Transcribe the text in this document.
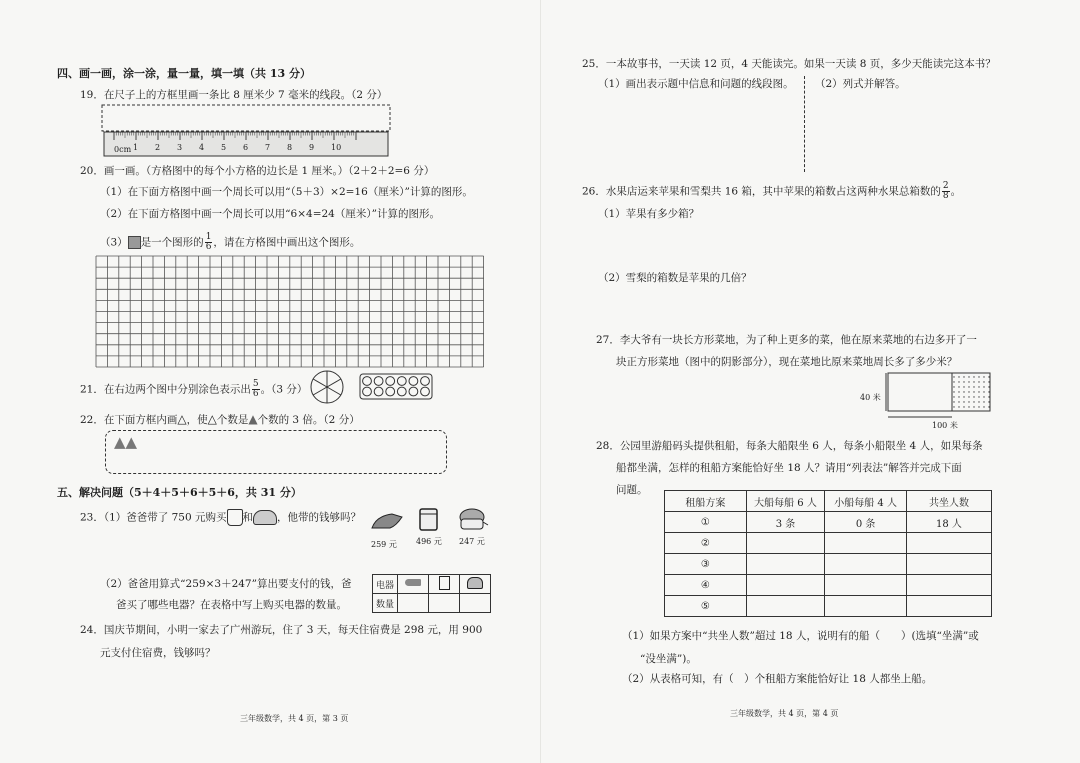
四、画一画，涂一涂，量一量，填一填（共 13 分）
19．在尺子上的方框里画一条比 8 厘米少 7 毫米的线段。（2 分）
0cm 1 2 3 4 5 6 7 8 9 10
20．画一画。（方格图中的每个小方格的边长是 1 厘米。）（2＋2＋2=6 分）
（1）在下面方格图中画一个周长可以用“（5＋3）×2=16（厘米）”计算的图形。
（2）在下面方格图中画一个周长可以用“6×4=24（厘米）”计算的图形。
（3） 是一个图形的 $\frac{1}{6}$ ，请在方格图中画出这个图形。
21．在右边两个图中分别涂色表示出 $\frac{5}{6}$ 。（3 分）
22．在下面方框内画△，使△个数是▲个数的 3 倍。（2 分）
▲▲
五、解决问题（5＋4＋5＋6＋5＋6，共 31 分）
23．（1）爸爸带了 750 元购买 和 ，他带的钱够吗？
259 元 496 元 247 元
（2）爸爸用算式“259×3＋247”算出要支付的钱，爸
爸买了哪些电器？在表格中写上购买电器的数量。
电器			
数量			
24．国庆节期间，小明一家去了广州游玩，住了 3 天，每天住宿费是 298 元，用 900
元支付住宿费，钱够吗？
三年级数学，共 4 页，第 3 页
25．一本故事书，一天读 12 页，4 天能读完。如果一天读 8 页，多少天能读完这本书？
（1）画出表示题中信息和问题的线段图。 （2）列式并解答。
26．水果店运来苹果和雪梨共 16 箱，其中苹果的箱数占这两种水果总箱数的 $\frac{2}{8}$ 。
（1）苹果有多少箱？
（2）雪梨的箱数是苹果的几倍？
27．李大爷有一块长方形菜地，为了种上更多的菜，他在原来菜地的右边多开了一
块正方形菜地（图中的阴影部分），现在菜地比原来菜地周长多了多少米？
40 米
100 米
28．公园里游船码头提供租船，每条大船限坐 6 人，每条小船限坐 4 人，如果每条
船都坐满，怎样的租船方案能恰好坐 18 人？请用“列表法”解答并完成下面
问题。
租船方案	大船每船 6 人	小船每船 4 人	共坐人数
①	3 条	0 条	18 人
②			
③			
④			
⑤			
（1）如果方案中“共坐人数”超过 18 人，说明有的船（　　）(选填“坐满”或
“没坐满”)。
（2）从表格可知，有（　）个租船方案能恰好让 18 人都坐上船。
三年级数学，共 4 页，第 4 页
